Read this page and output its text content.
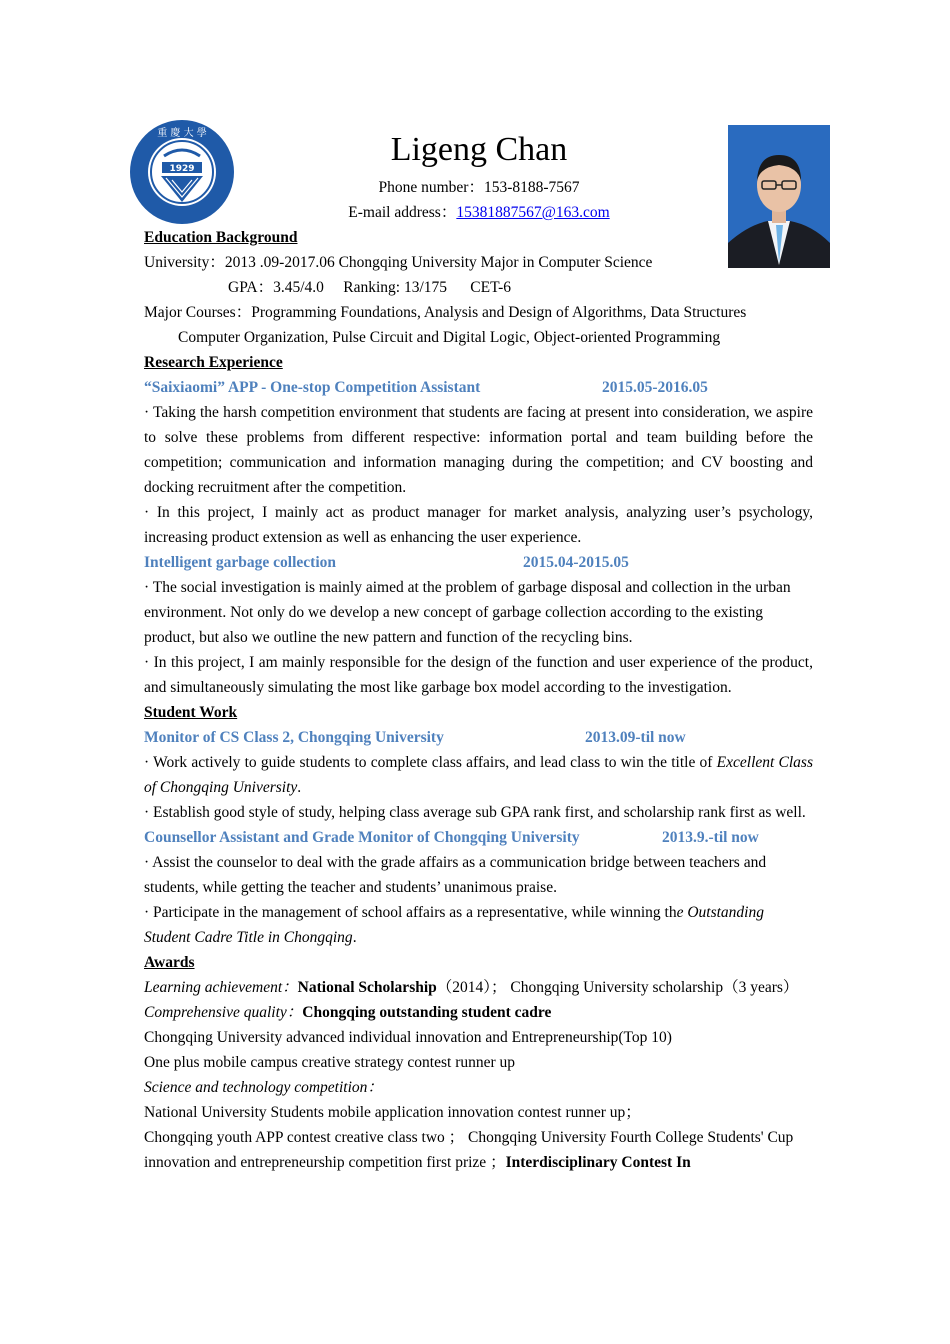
1929
重 慶 大 學	Ligeng Chan
Phone number：153-8188-7567
E-mail address：15381887567@163.com

Education Background

University：2013 .09-2017.06 Chongqing University Major in Computer Science

GPA：3.45/4.0     Ranking: 13/175      CET-6

Major Courses：Programming Foundations, Analysis and Design of Algorithms, Data Structures

Computer Organization, Pulse Circuit and Digital Logic, Object-oriented Programming

Research Experience

“Saixiaomi” APP - One-stop Competition Assistant	2015.05-2016.05

· Taking the harsh competition environment that students are facing at present into consideration, we aspire to solve these problems from different respective: information portal and team building before the competition; communication and information managing during the competition; and CV boosting and docking recruitment after the competition.

· In this project, I mainly act as product manager for market analysis, analyzing user’s psychology, increasing product extension as well as enhancing the user experience.

Intelligent garbage collection	2015.04-2015.05

· The social investigation is mainly aimed at the problem of garbage disposal and collection in the urban environment. Not only do we develop a new concept of garbage collection according to the existing product, but also we outline the new pattern and function of the recycling bins.

· In this project, I am mainly responsible for the design of the function and user experience of the product, and simultaneously simulating the most like garbage box model according to the investigation.

Student Work

Monitor of CS Class 2, Chongqing University	2013.09-til now

· Work actively to guide students to complete class affairs, and lead class to win the title of Excellent Class of Chongqing University.

· Establish good style of study, helping class average sub GPA rank first, and scholarship rank first as well.

Counsellor Assistant and Grade Monitor of Chongqing University	2013.9.-til now

· Assist the counselor to deal with the grade affairs as a communication bridge between teachers and students, while getting the teacher and students’ unanimous praise.

· Participate in the management of school affairs as a representative, while winning the Outstanding Student Cadre Title in Chongqing.

Awards

Learning achievement：National Scholarship（2014）； Chongqing University scholarship（3 years）

Comprehensive quality：Chongqing outstanding student cadre

Chongqing University advanced individual innovation and Entrepreneurship(Top 10)

One plus mobile campus creative strategy contest runner up

Science and technology competition：

National University Students mobile application innovation contest runner up；

Chongqing youth APP contest creative class two ； Chongqing University Fourth College Students' Cup innovation and entrepreneurship competition first prize ；Interdisciplinary Contest In
